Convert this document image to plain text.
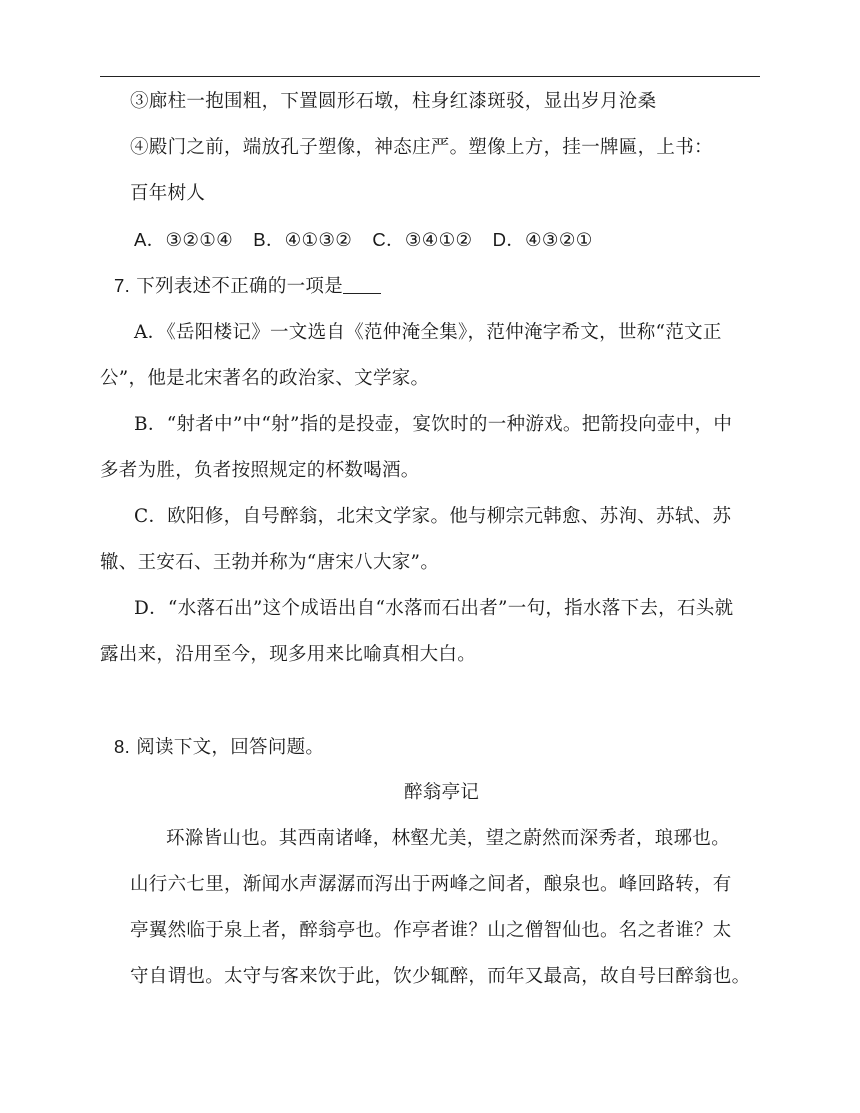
③廊柱一抱围粗，下置圆形石墩，柱身红漆斑驳，显出岁月沧桑
④殿门之前，端放孔子塑像，神态庄严。塑像上方，挂一牌匾，上书：
百年树人
A．③②①④ B．④①③② C．③④①② D．④③②①
7. 下列表述不正确的一项是
A．《岳阳楼记》一文选自《范仲淹全集》，范仲淹字希文，世称“范文正
公”，他是北宋著名的政治家、文学家。
B．“射者中”中“射”指的是投壶，宴饮时的一种游戏。把箭投向壶中，中
多者为胜，负者按照规定的杯数喝酒。
C．欧阳修，自号醉翁，北宋文学家。他与柳宗元韩愈、苏洵、苏轼、苏
辙、王安石、王勃并称为“唐宋八大家”。
D．“水落石出”这个成语出自“水落而石出者”一句，指水落下去，石头就
露出来，沿用至今，现多用来比喻真相大白。
8. 阅读下文，回答问题。
醉翁亭记
环滁皆山也。其西南诸峰，林壑尤美，望之蔚然而深秀者，琅琊也。
山行六七里，渐闻水声潺潺而泻出于两峰之间者，酿泉也。峰回路转，有
亭翼然临于泉上者，醉翁亭也。作亭者谁？山之僧智仙也。名之者谁？太
守自谓也。太守与客来饮于此，饮少辄醉，而年又最高，故自号曰醉翁也。
